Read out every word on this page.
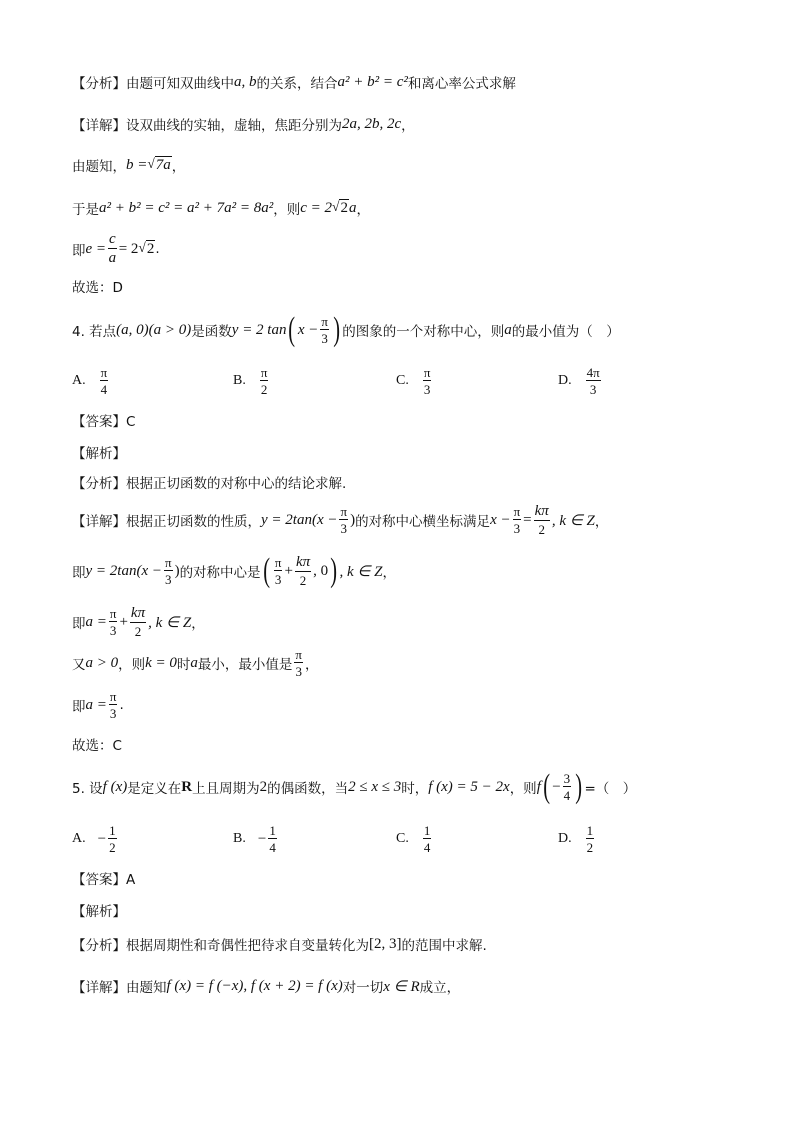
【分析】 由题可知双曲线中 a, b 的关系，结合 a² + b² = c² 和离心率公式求解
【详解】 设双曲线的实轴，虚轴，焦距分别为 2a, 2b, 2c ，
由题知， b = √ 7a ，
于是 a² + b² = c² = a² + 7a² = 8a² ，则 c = 2 √ 2 a ，
即 $e = \frac{c}{a} = 2$ √ 2 .
故选：D
4. 若点 (a, 0)(a > 0) 是函数 y = 2 tan ( $x - \frac{\pi}{3}$ ) 的图象的一个对称中心，则 a 的最小值为（　）
A. $\frac{\pi}{4}$	B. $\frac{\pi}{2}$	C. $\frac{\pi}{3}$	D. $\frac{4\pi}{3}$
【答案】C
【解析】
【分析】根据正切函数的对称中心的结论求解.
【详解】根据正切函数的性质， $y = 2\tan(x - \frac{\pi}{3}$ ) 的对称中心横坐标满足 $x - \frac{\pi}{3} = \frac{k\pi}{2}$ , k ∈ Z ，
即 $y = 2\tan(x - \frac{\pi}{3}$ ) 的对称中心是 ( $\frac{\pi}{3} + \frac{k\pi}{2}$ , 0 ) , k ∈ Z ，
即 $a = \frac{\pi}{3} + \frac{k\pi}{2}$ , k ∈ Z ，
又 a > 0 ，则 k = 0 时 a 最小，最小值是 $\frac{\pi}{3}$ ，
即 $a = \frac{\pi}{3}$ .
故选：C
5. 设 f (x) 是定义在 R 上且周期为 2 的偶函数，当 2 ≤ x ≤ 3 时， f (x) = 5 − 2x ，则 f ( − $\frac{3}{4}$ ) =（　）
A. − $\frac{1}{2}$	B. − $\frac{1}{4}$	C. $\frac{1}{4}$	D. $\frac{1}{2}$
【答案】A
【解析】
【分析】根据周期性和奇偶性把待求自变量转化为 [2, 3] 的范围中求解.
【详解】由题知 f (x) = f (−x), f (x + 2) = f (x) 对一切 x ∈ R 成立，
